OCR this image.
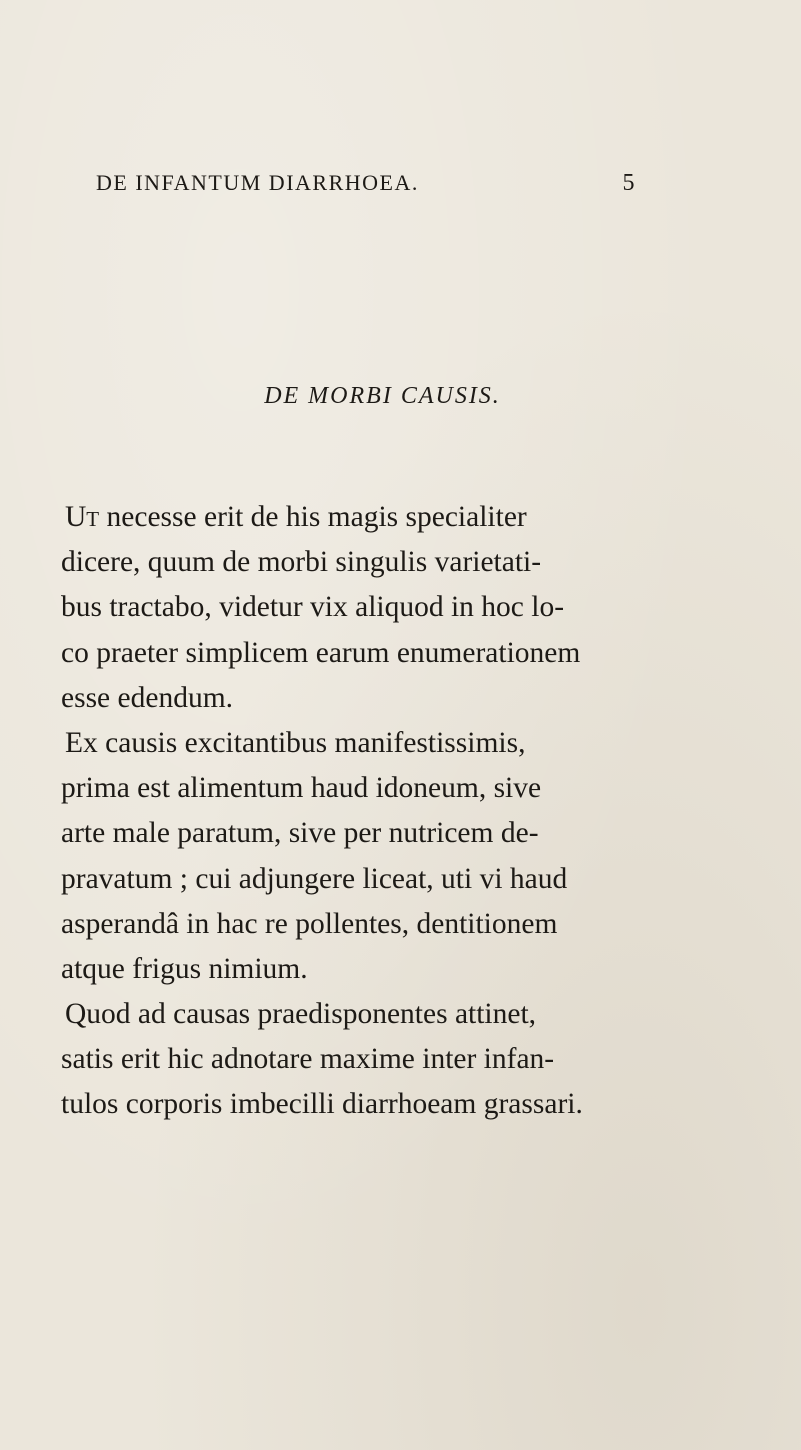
DE INFANTUM DIARRHOEA.	5
DE MORBI CAUSIS.
Ut necesse erit de his magis specialiter
dicere, quum de morbi singulis varietati-
bus tractabo, videtur vix aliquod in hoc lo-
co praeter simplicem earum enumerationem
esse edendum.
Ex causis excitantibus manifestissimis,
prima est alimentum haud idoneum, sive
arte male paratum, sive per nutricem de-
pravatum ; cui adjungere liceat, uti vi haud
asperandâ in hac re pollentes, dentitionem
atque frigus nimium.
Quod ad causas praedisponentes attinet,
satis erit hic adnotare maxime inter infan-
tulos corporis imbecilli diarrhoeam grassari.
